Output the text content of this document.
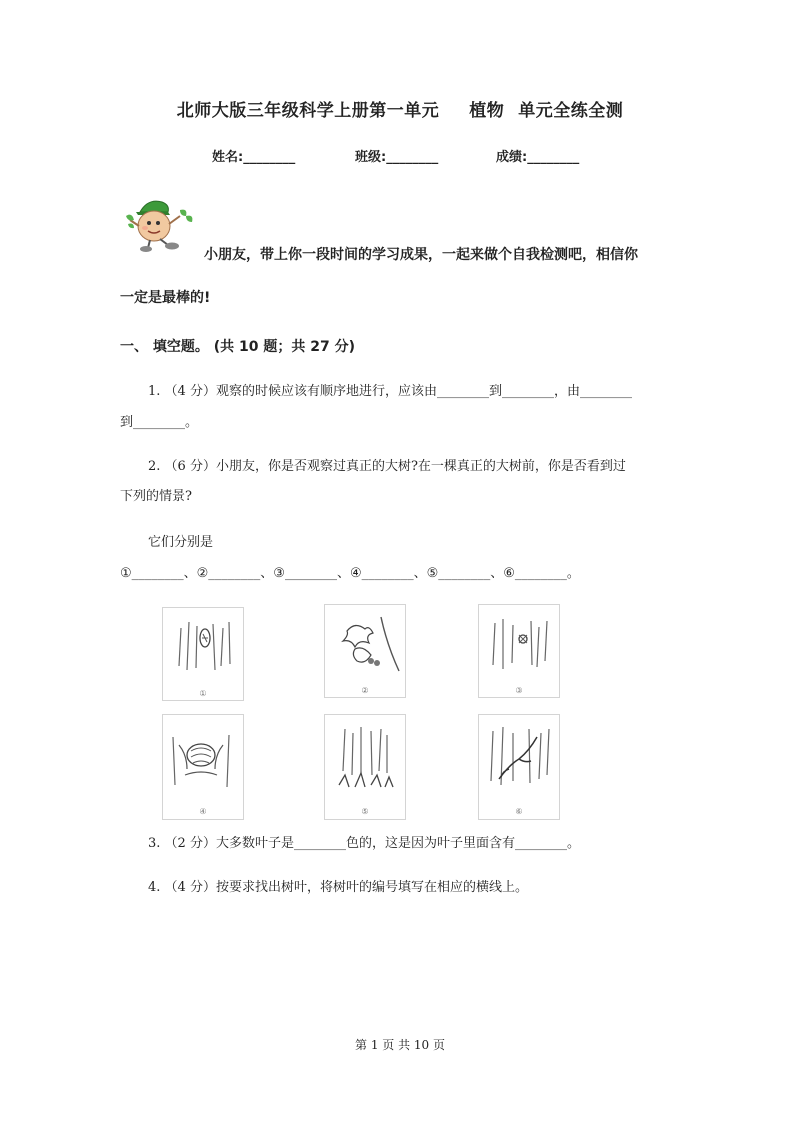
北师大版三年级科学上册第一单元 植物 单元全练全测
姓名:________	班级:________	成绩:________
小朋友，带上你一段时间的学习成果，一起来做个自我检测吧，相信你
一定是最棒的!
一、 填空题。 (共 10 题；共 27 分)
1. （4 分）观察的时候应该有顺序地进行，应该由________到________，由________
到________。
2. （6 分）小朋友，你是否观察过真正的大树?在一棵真正的大树前，你是否看到过
下列的情景?
它们分别是
①________、②________、③________、④________、⑤________、⑥________。
①	②	③
④	⑤	⑥
3. （2 分）大多数叶子是________色的，这是因为叶子里面含有________。
4. （4 分）按要求找出树叶，将树叶的编号填写在相应的横线上。
第 1 页 共 10 页
